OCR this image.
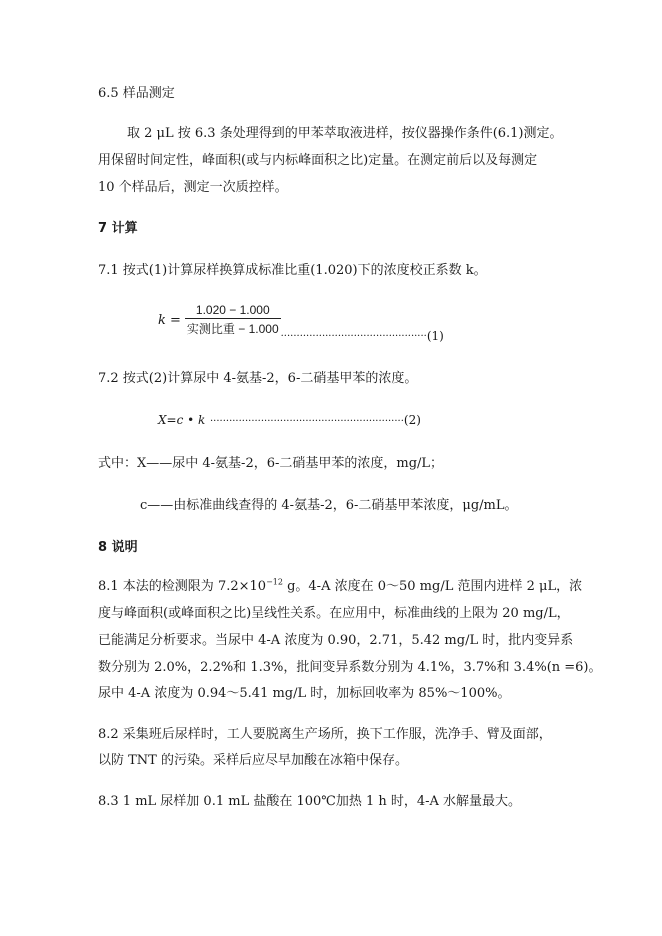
6.5 样品测定
取 2 μL 按 6.3 条处理得到的甲苯萃取液进样，按仪器操作条件(6.1)测定。
用保留时间定性，峰面积(或与内标峰面积之比)定量。在测定前后以及每测定
10 个样品后，测定一次质控样。
7 计算
7.1 按式(1)计算尿样换算成标准比重(1.020)下的浓度校正系数 k。
$k = \frac{1.020 - 1.000}{\text{实测比重 − 1.000}} \cdot\cdot\cdot\cdot\cdot\cdot\cdot\cdot\cdot\cdot\cdot\cdot\cdot\cdot\cdot\cdot\cdot\cdot\cdot\cdot\cdot\cdot\cdot\cdot\cdot\cdot\cdot\cdot\cdot\cdot\cdot\cdot\cdot\cdot\cdot\cdot\cdot\cdot\cdot\cdot\cdot\cdot\cdot\cdot\cdot\cdot(1)$
7.2 按式(2)计算尿中 4-氨基-2，6-二硝基甲苯的浓度。
X=c • k ·····························································(2)
式中：X——尿中 4-氨基-2，6-二硝基甲苯的浓度，mg/L；
c——由标准曲线查得的 4-氨基-2，6-二硝基甲苯浓度，μg/mL。
8 说明
8.1 本法的检测限为 $7.2\times 10^{-12}$ g。4-A 浓度在 0～50 mg/L 范围内进样 2 μL，浓
度与峰面积(或峰面积之比)呈线性关系。在应用中，标准曲线的上限为 20 mg/L，
已能满足分析要求。当尿中 4-A 浓度为 0.90，2.71，5.42 mg/L 时，批内变异系
数分别为 2.0%，2.2%和 1.3%，批间变异系数分别为 4.1%，3.7%和 3.4%(n =6)。
尿中 4-A 浓度为 0.94～5.41 mg/L 时，加标回收率为 85%～100%。
8.2 采集班后尿样时，工人要脱离生产场所，换下工作服，洗净手、臂及面部，
以防 TNT 的污染。采样后应尽早加酸在冰箱中保存。
8.3 1 mL 尿样加 0.1 mL 盐酸在 100℃加热 1 h 时，4-A 水解量最大。
